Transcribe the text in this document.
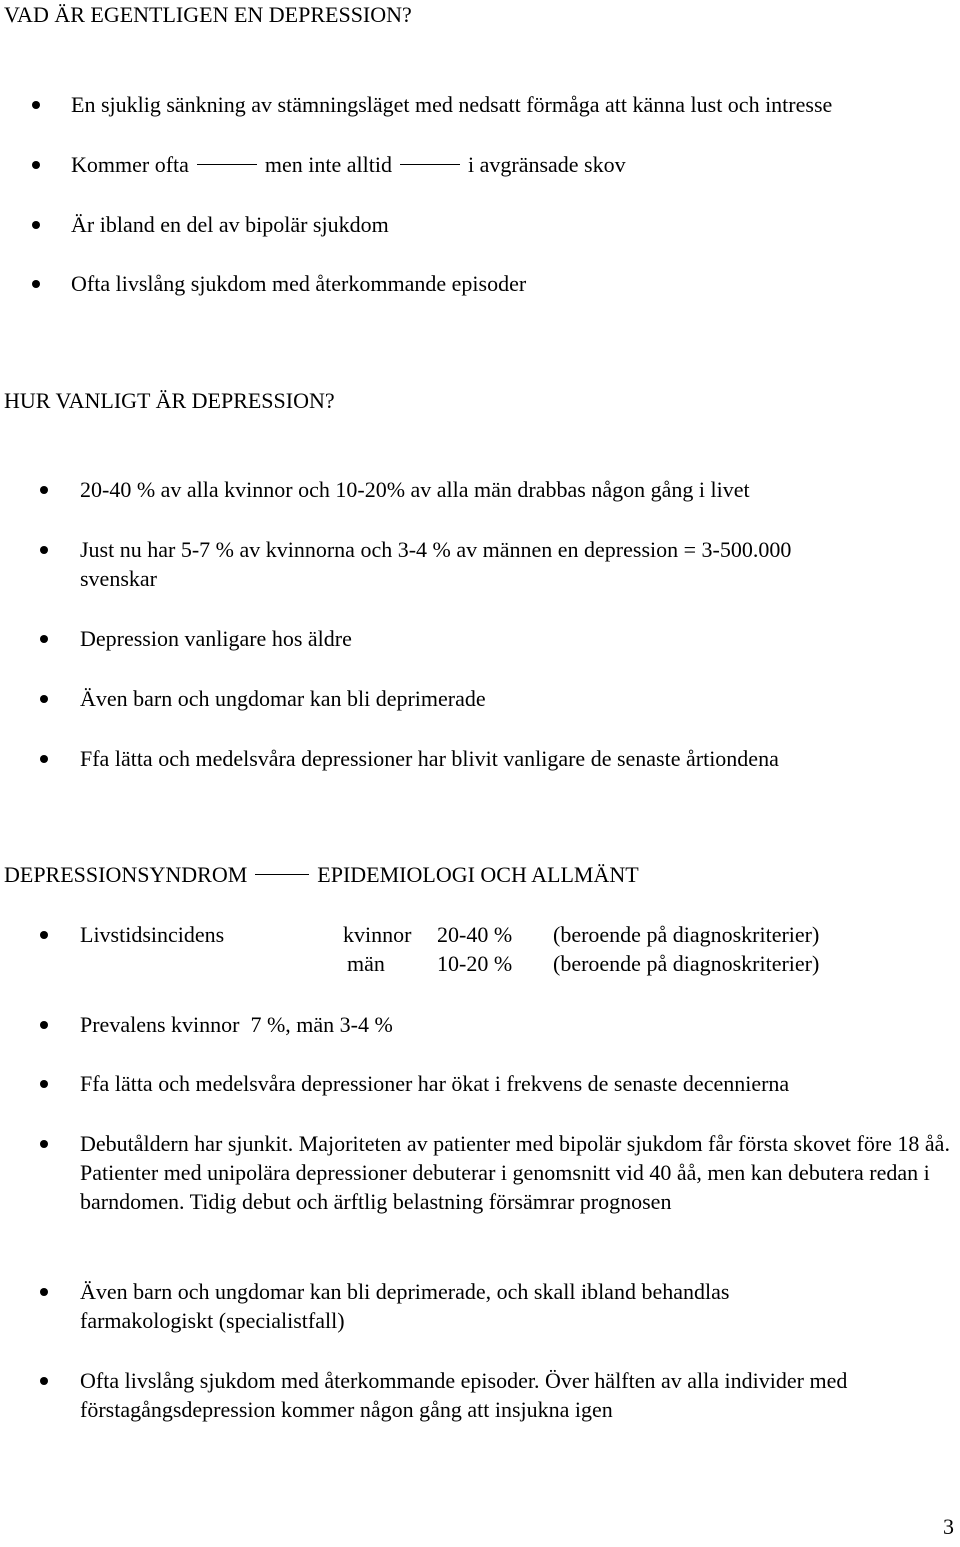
VAD ÄR EGENTLIGEN EN DEPRESSION?
En sjuklig sänkning av stämningsläget med nedsatt förmåga att känna lust och intresse
Kommer ofta	men inte alltid	i avgränsade skov
Är ibland en del av bipolär sjukdom
Ofta livslång sjukdom med återkommande episoder
HUR VANLIGT ÄR DEPRESSION?
20-40 % av alla kvinnor och 10-20% av alla män drabbas någon gång i livet
Just nu har 5-7 % av kvinnorna och 3-4 % av männen en depression = 3-500.000 svenskar
Depression vanligare hos äldre
Även barn och ungdomar kan bli deprimerade
Ffa lätta och medelsvåra depressioner har blivit vanligare de senaste årtiondena
DEPRESSIONSYNDROM	EPIDEMIOLOGI OCH ALLMÄNT
Livstidsincidens	kvinnor 20-40 % (beroende på diagnoskriterier)
män 10-20 % (beroende på diagnoskriterier)
Prevalens kvinnor  7 %, män 3-4 %
Ffa lätta och medelsvåra depressioner har ökat i frekvens de senaste decennierna
Debutåldern har sjunkit. Majoriteten av patienter med bipolär sjukdom får första skovet före 18 åå. Patienter med unipolära depressioner debuterar i genomsnitt vid 40 åå, men kan debutera redan i barndomen. Tidig debut och ärftlig belastning försämrar prognosen
Även barn och ungdomar kan bli deprimerade, och skall ibland behandlas farmakologiskt (specialistfall)
Ofta livslång sjukdom med återkommande episoder. Över hälften av alla individer med förstagångsdepression kommer någon gång att insjukna igen
3
